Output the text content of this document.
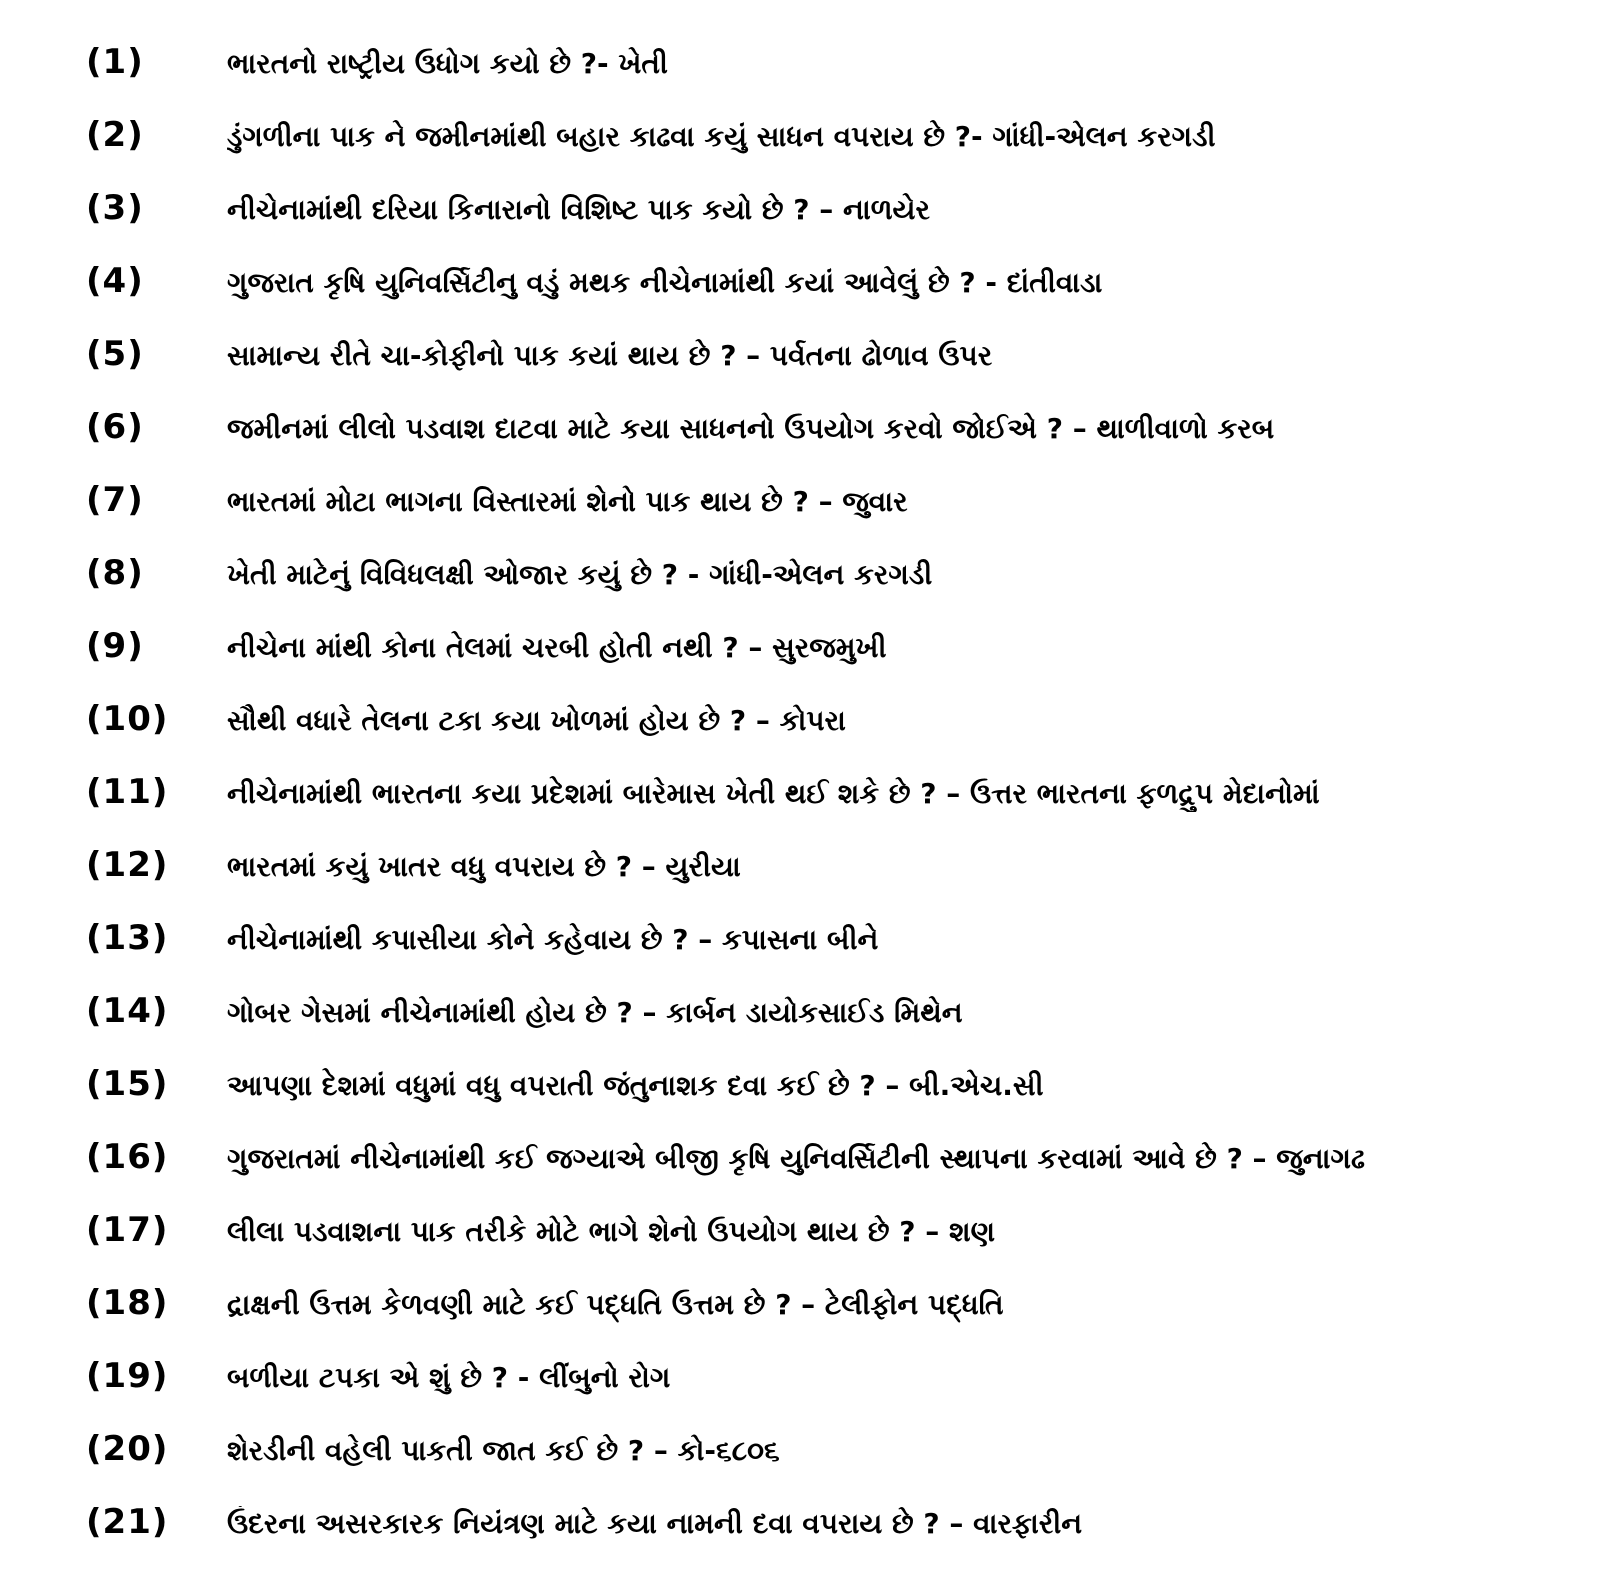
(1)	ભારતનો રાષ્ટ્રીય ઉધોગ કયો છે ?- ખેતી
(2)	ડુંગળીના પાક ને જમીનમાંથી બહાર કાઢવા કયું સાધન વપરાય છે ?- ગાંધી-એલન કરગડી
(3)	નીચેનામાંથી દરિયા કિનારાનો વિશિષ્ટ પાક કયો છે ? – નાળયેર
(4)	ગુજરાત કૃષિ યુનિવર્સિટીનુ વડું મથક નીચેનામાંથી કયાં આવેલું છે ? - દાંતીવાડા
(5)	સામાન્ય રીતે ચા-કોફીનો પાક કયાં થાય છે ? – પર્વતના ઢોળાવ ઉપર
(6)	જમીનમાં લીલો પડવાશ દાટવા માટે કયા સાધનનો ઉપયોગ કરવો જોઈએ ? – થાળીવાળો કરબ
(7)	ભારતમાં મોટા ભાગના વિસ્તારમાં શેનો પાક થાય છે ? – જુવાર
(8)	ખેતી માટેનું વિવિધલક્ષી ઓજાર કયું છે ? - ગાંધી-એલન કરગડી
(9)	નીચેના માંથી કોના તેલમાં ચરબી હોતી નથી ? – સુરજમુખી
(10) સૌથી વધારે તેલના ટકા કયા ખોળમાં હોય છે ? – કોપરા
(11) નીચેનામાંથી ભારતના કયા પ્રદેશમાં બારેમાસ ખેતી થઈ શકે છે ? – ઉત્તર ભારતના ફળદ્રુપ મેદાનોમાં
(12) ભારતમાં કયું ખાતર વધુ વપરાય છે ? – યુરીયા
(13) નીચેનામાંથી કપાસીયા કોને કહેવાય છે ? – કપાસના બીને
(14) ગોબર ગેસમાં નીચેનામાંથી હોય છે ? – કાર્બન ડાયોકસાઈડ મિથેન
(15) આપણા દેશમાં વધુમાં વધુ વપરાતી જંતુનાશક દવા કઈ છે ? – બી.એચ.સી
(16) ગુજરાતમાં નીચેનામાંથી કઈ જગ્યાએ બીજી કૃષિ યુનિવર્સિટીની સ્થાપના કરવામાં આવે છે ? – જુનાગઢ
(17) લીલા પડવાશના પાક તરીકે મોટે ભાગે શેનો ઉપયોગ થાય છે ? – શણ
(18) દ્રાક્ષની ઉત્તમ કેળવણી માટે કઈ પદ્ધતિ ઉત્તમ છે ? – ટેલીફોન પદ્ધતિ
(19) બળીયા ટપકા એ શું છે ? - લીંબુનો રોગ
(20) શેરડીની વહેલી પાકતી જાત કઈ છે ? – કો-૬૮૦૬
(21) ઉંદરના અસરકારક નિયંત્રણ માટે કયા નામની દવા વપરાય છે ? – વારફારીન
